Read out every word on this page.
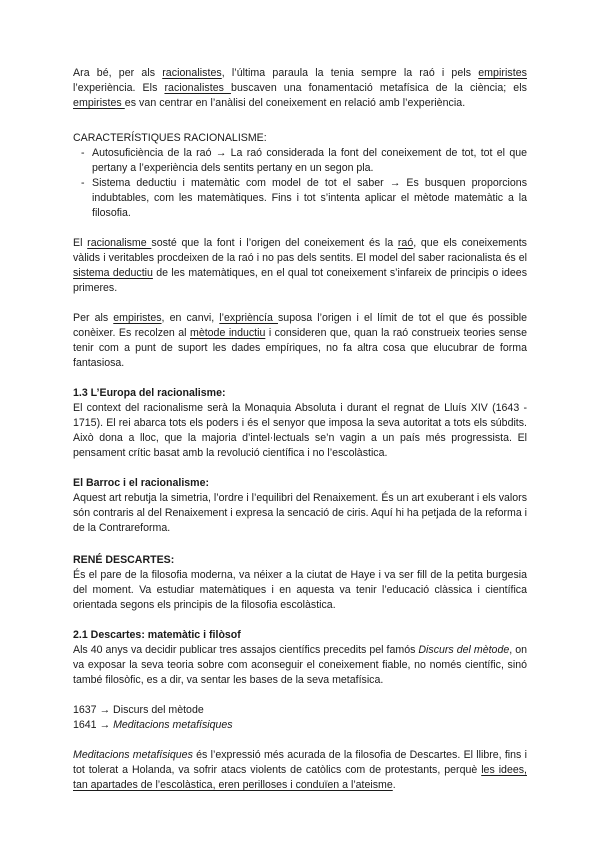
Ara bé, per als racionalistes, l’última paraula la tenia sempre la raó i pels empiristes l’experiència. Els racionalistes buscaven una fonamentació metafísica de la ciència; els empiristes es van centrar en l’anàlisi del coneixement en relació amb l’experiència.

CARACTERÍSTIQUES RACIONALISME:

- Autosuficiència de la raó → La raó considerada la font del coneixement de tot, tot el que pertany a l’experiència dels sentits pertany en un segon pla.
- Sistema deductiu i matemàtic com model de tot el saber → Es busquen proporcions indubtables, com les matemàtiques. Fins i tot s’intenta aplicar el mètode matemàtic a la filosofia.

El racionalisme sosté que la font i l’origen del coneixement és la raó, que els coneixements vàlids i veritables procdeixen de la raó i no pas dels sentits. El model del saber racionalista és el sistema deductiu de les matemàtiques, en el qual tot coneixement s’infareix de principis o idees primeres.

Per als empiristes, en canvi, l’exprièncía suposa l’origen i el límit de tot el que és possible conèixer. Es recolzen al mètode inductiu i consideren que, quan la raó construeix teories sense tenir com a punt de suport les dades empíriques, no fa altra cosa que elucubrar de forma fantasiosa.

1.3 L’Europa del racionalisme:

El context del racionalisme serà la Monaquia Absoluta i durant el regnat de Lluís XIV (1643 - 1715). El rei abarca tots els poders i és el senyor que imposa la seva autoritat a tots els súbdits. Això dona a lloc, que la majoria d’intel·lectuals se’n vagin a un país més progressista. El pensament crític basat amb la revolució científica i no l’escolàstica.

El Barroc i el racionalisme:

Aquest art rebutja la simetria, l’ordre i l’equilibri del Renaixement. És un art exuberant i els valors són contraris al del Renaixement i expresa la sencació de ciris. Aquí hi ha petjada de la reforma i de la Contrareforma.

RENÉ DESCARTES:

És el pare de la filosofia moderna, va néixer a la ciutat de Haye i va ser fill de la petita burgesia del moment. Va estudiar matemàtiques i en aquesta va tenir l’educació clàssica i científica orientada segons els principis de la filosofia escolàstica.

2.1 Descartes: matemàtic i filòsof

Als 40 anys va decidir publicar tres assajos científics precedits pel famós Discurs del mètode, on va exposar la seva teoria sobre com aconseguir el coneixement fiable, no només científic, sinó també filosòfic, es a dir, va sentar les bases de la seva metafísica.

1637 → Discurs del mètode

1641 → Meditacions metafísiques

Meditacions metafísiques és l’expressió més acurada de la filosofia de Descartes. El llibre, fins i tot tolerat a Holanda, va sofrir atacs violents de catòlics com de protestants, perquè les idees, tan apartades de l’escolàstica, eren perilloses i conduïen a l’ateisme.
